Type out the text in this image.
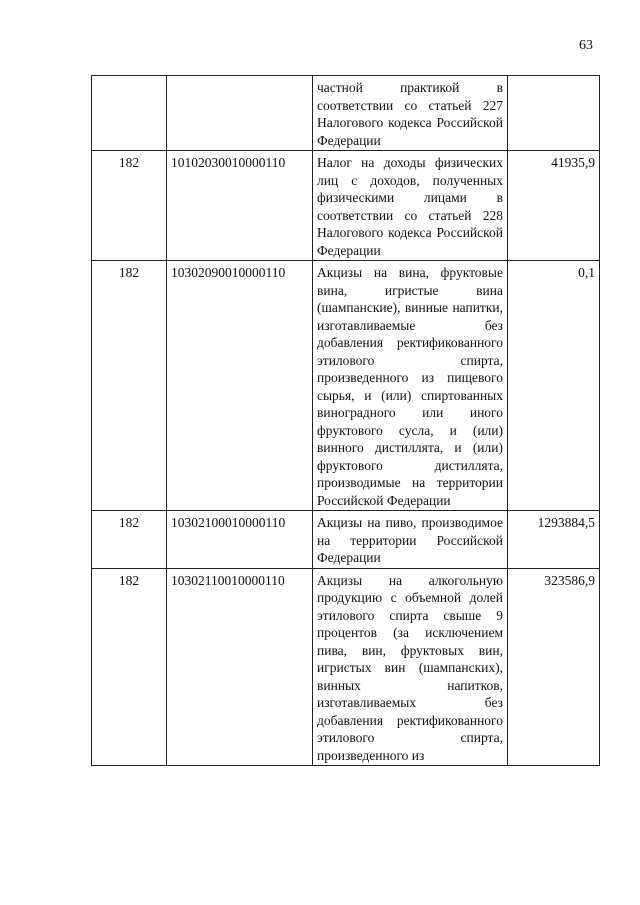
63
		частной практикой в соответствии со статьей 227 Налогового кодекса Российской Федерации	
182	10102030010000110	Налог на доходы физических лиц с доходов, полученных физическими лицами в соответствии со статьей 228 Налогового кодекса Российской Федерации	41935,9
182	10302090010000110	Акцизы на вина, фруктовые вина, игристые вина (шампанские), винные напитки, изготавливаемые без добавления ректификованного этилового спирта, произведенного из пищевого сырья, и (или) спиртованных виноградного или иного фруктового сусла, и (или) винного дистиллята, и (или) фруктового дистиллята, производимые на территории Российской Федерации	0,1
182	10302100010000110	Акцизы на пиво, производимое на территории Российской Федерации	1293884,5
182	10302110010000110	Акцизы на алкогольную продукцию с объемной долей этилового спирта свыше 9 процентов (за исключением пива, вин, фруктовых вин, игристых вин (шампанских), винных напитков, изготавливаемых без добавления ректификованного этилового спирта, произведенного из	323586,9
